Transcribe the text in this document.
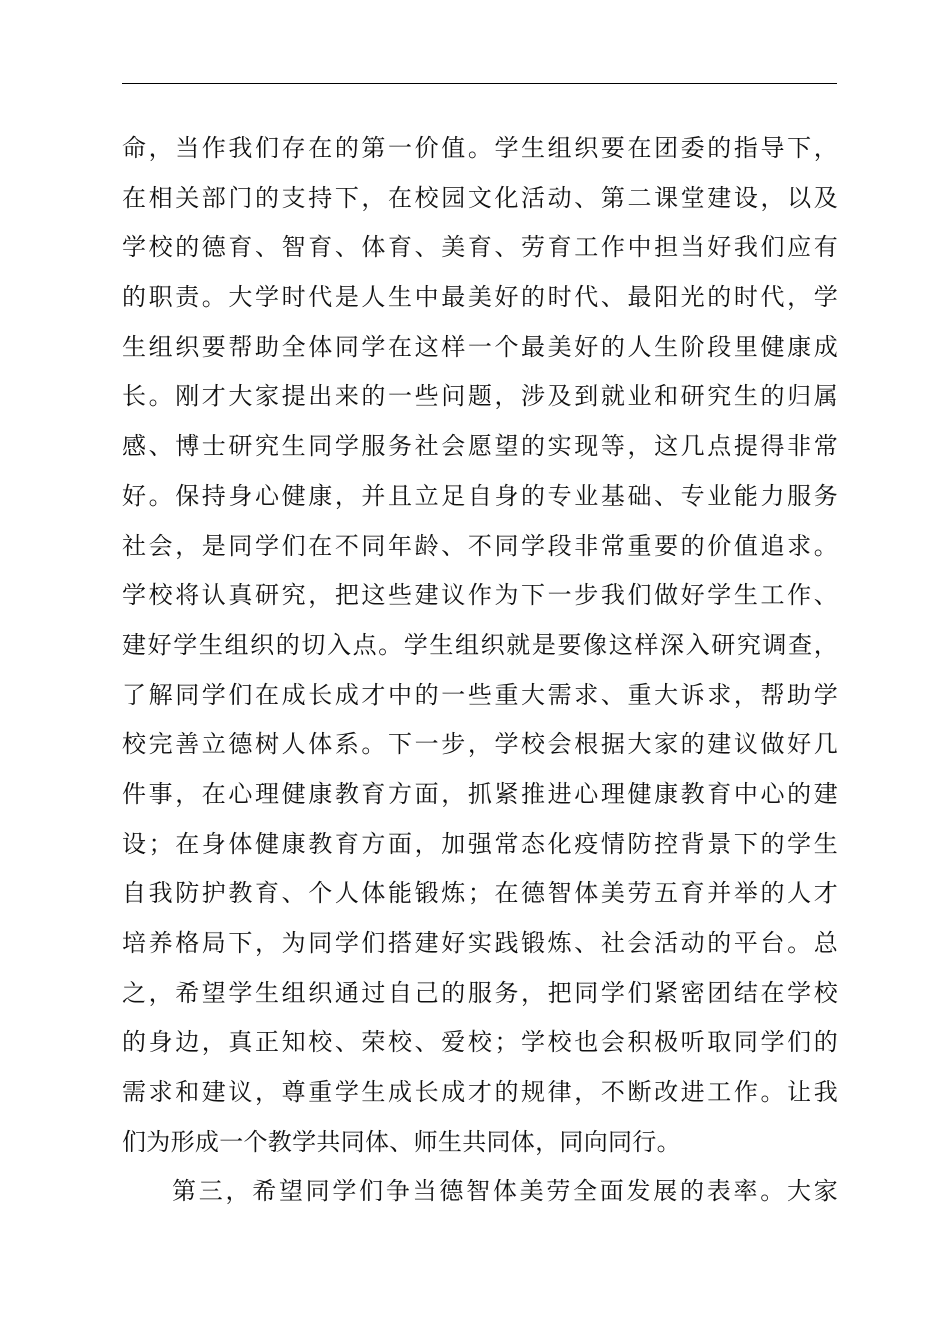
命，当作我们存在的第一价值。学生组织要在团委的指导下，
在相关部门的支持下，在校园文化活动、第二课堂建设，以及
学校的德育、智育、体育、美育、劳育工作中担当好我们应有
的职责。大学时代是人生中最美好的时代、最阳光的时代，学
生组织要帮助全体同学在这样一个最美好的人生阶段里健康成
长。刚才大家提出来的一些问题，涉及到就业和研究生的归属
感、博士研究生同学服务社会愿望的实现等，这几点提得非常
好。保持身心健康，并且立足自身的专业基础、专业能力服务
社会，是同学们在不同年龄、不同学段非常重要的价值追求。
学校将认真研究，把这些建议作为下一步我们做好学生工作、
建好学生组织的切入点。学生组织就是要像这样深入研究调查，
了解同学们在成长成才中的一些重大需求、重大诉求，帮助学
校完善立德树人体系。下一步，学校会根据大家的建议做好几
件事，在心理健康教育方面，抓紧推进心理健康教育中心的建
设；在身体健康教育方面，加强常态化疫情防控背景下的学生
自我防护教育、个人体能锻炼；在德智体美劳五育并举的人才
培养格局下，为同学们搭建好实践锻炼、社会活动的平台。总
之，希望学生组织通过自己的服务，把同学们紧密团结在学校
的身边，真正知校、荣校、爱校；学校也会积极听取同学们的
需求和建议，尊重学生成长成才的规律，不断改进工作。让我
们为形成一个教学共同体、师生共同体，同向同行。
第三，希望同学们争当德智体美劳全面发展的表率。大家
